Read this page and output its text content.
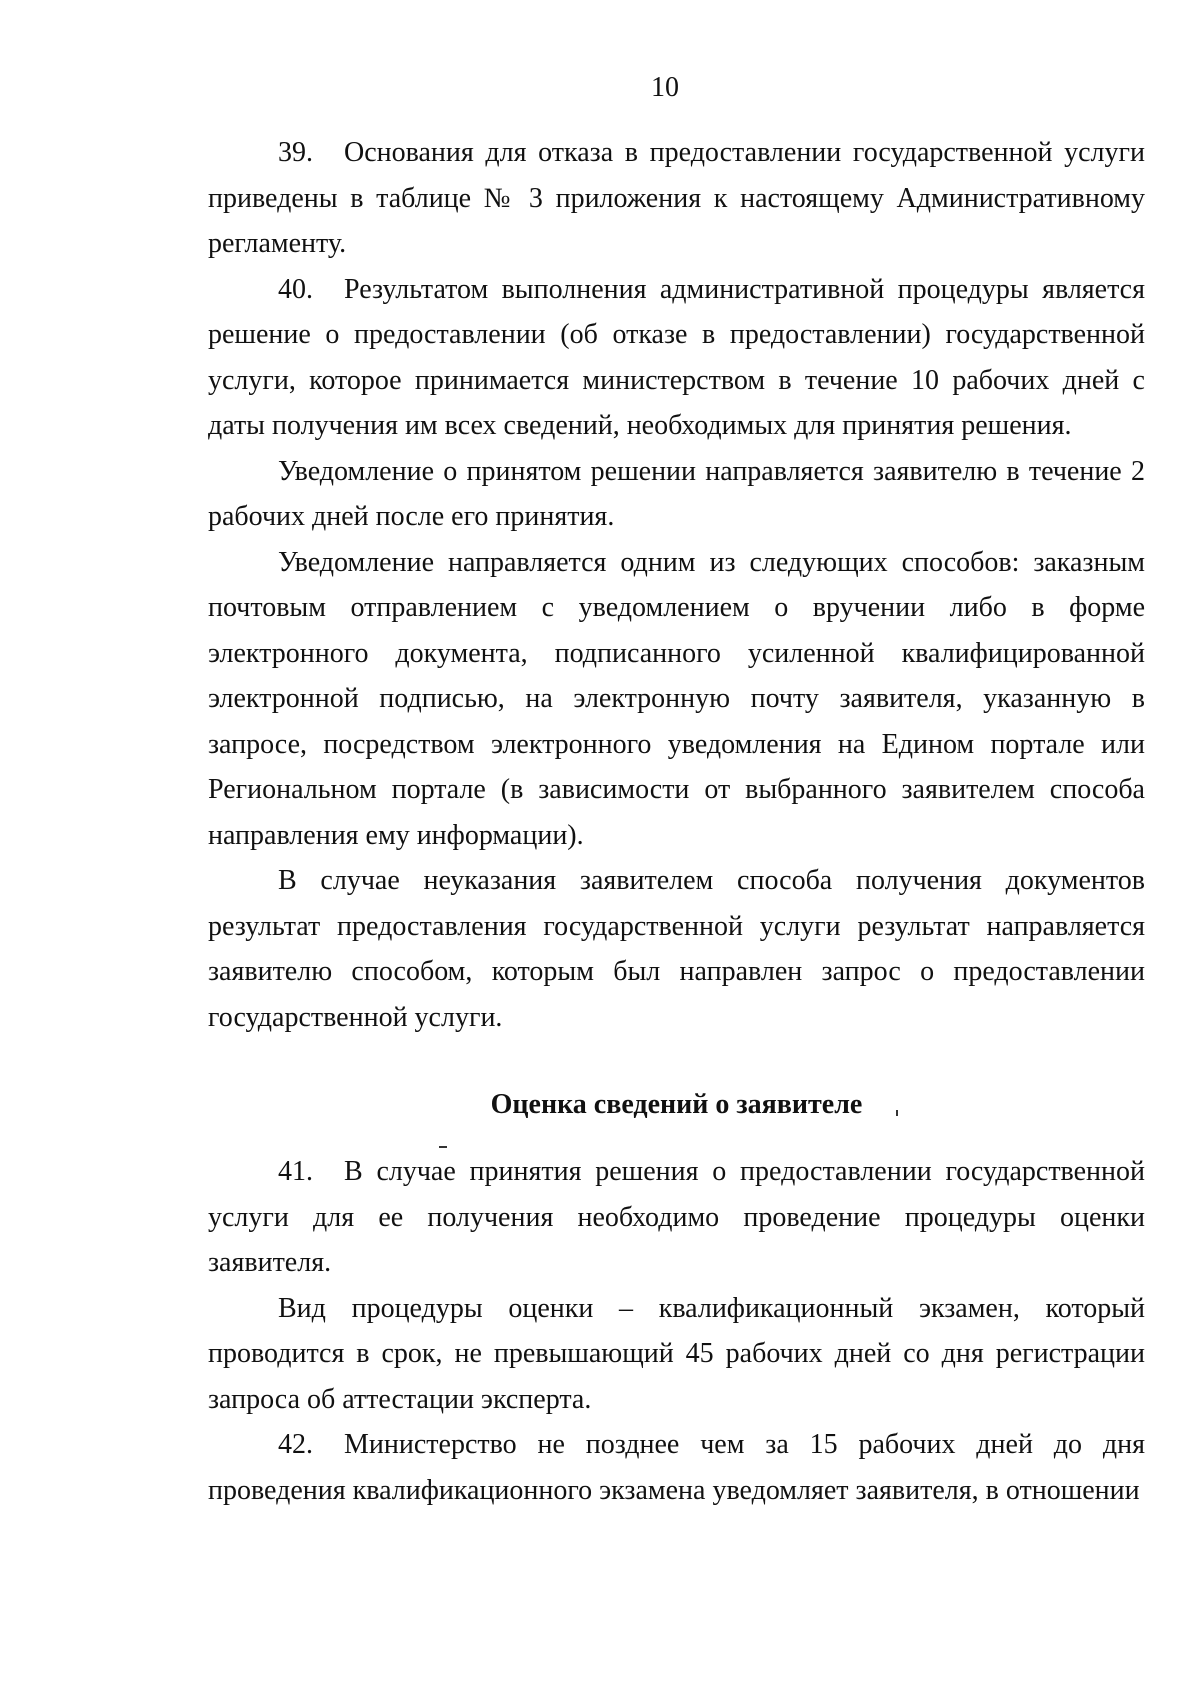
10

39. Основания для отказа в предоставлении государственной услуги приведены в таблице № 3 приложения к настоящему Административному регламенту.

40. Результатом выполнения административной процедуры является решение о предоставлении (об отказе в предоставлении) государственной услуги, которое принимается министерством в течение 10 рабочих дней с даты получения им всех сведений, необходимых для принятия решения.

Уведомление о принятом решении направляется заявителю в течение 2 рабочих дней после его принятия.

Уведомление направляется одним из следующих способов: заказным почтовым отправлением с уведомлением о вручении либо в форме электронного документа, подписанного усиленной квалифицированной электронной подписью, на электронную почту заявителя, указанную в запросе, посредством электронного уведомления на Едином портале или Региональном портале (в зависимости от выбранного заявителем способа направления ему информации).

В случае неуказания заявителем способа получения документов результат предоставления государственной услуги результат направляется заявителю способом, которым был направлен запрос о предоставлении государственной услуги.

Оценка сведений о заявителе

41. В случае принятия решения о предоставлении государственной услуги для ее получения необходимо проведение процедуры оценки заявителя.

Вид процедуры оценки – квалификационный экзамен, который проводится в срок, не превышающий 45 рабочих дней со дня регистрации запроса об аттестации эксперта.

42. Министерство не позднее чем за 15 рабочих дней до дня проведения квалификационного экзамена уведомляет заявителя, в отношении
